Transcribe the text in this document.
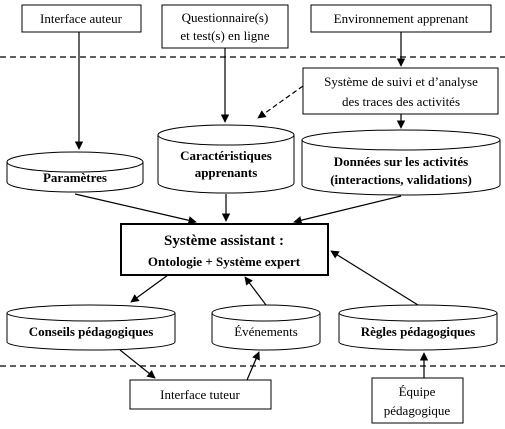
Interface auteur	Questionnaire(s)
et test(s) en ligne
Environnement apprenant
Système de suivi et d’analyse
des traces des activités
Paramètres
Caractéristiques
apprenants
Données sur les activités
(interactions, validations)
Système assistant :
Ontologie + Système expert
Conseils pédagogiques	Événements	Règles pédagogiques
Interface tuteur	Équipe
pédagogique
